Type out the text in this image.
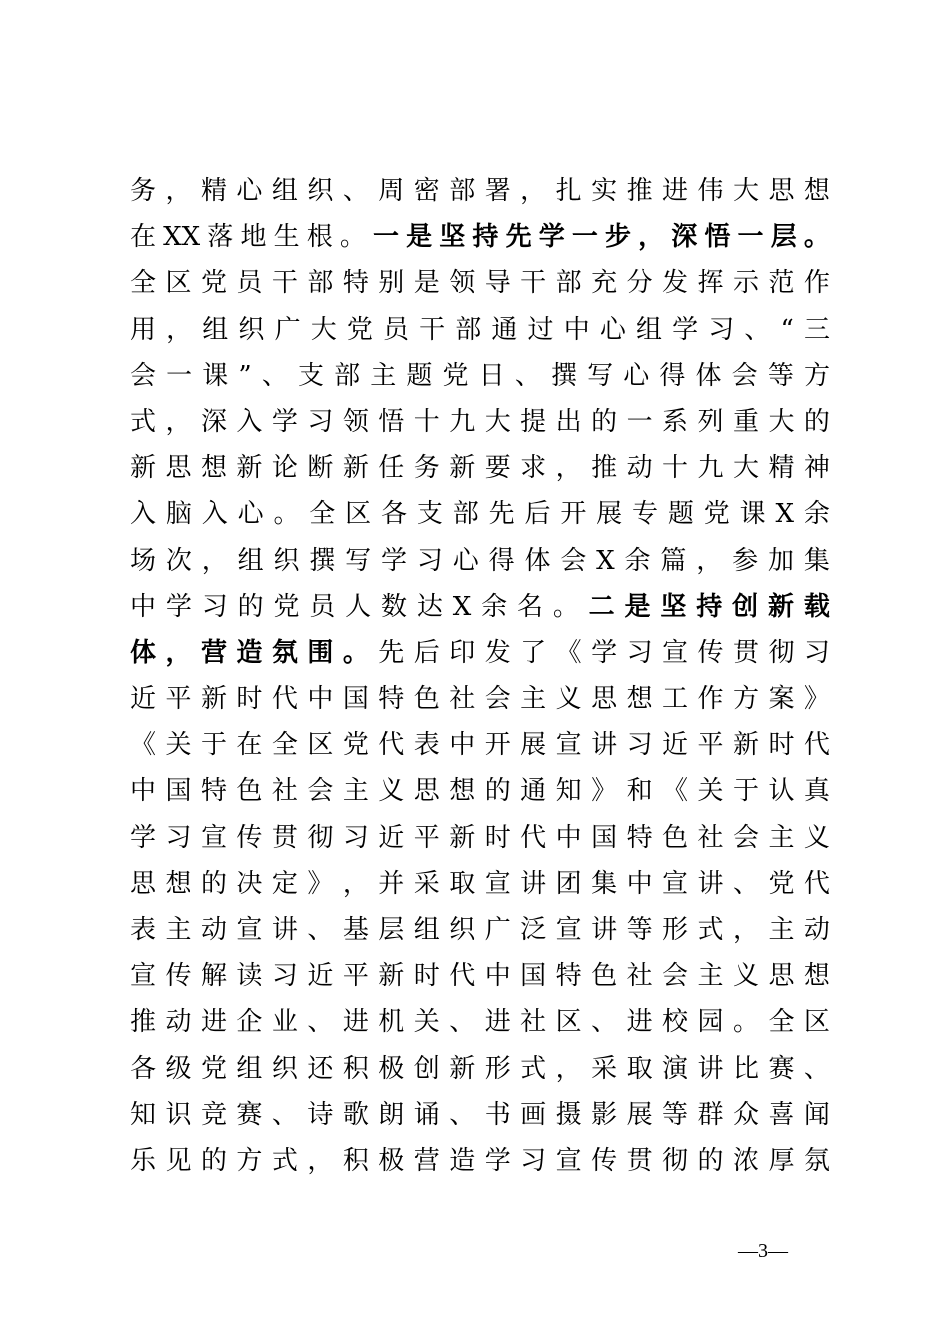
务 ， 精 心 组 织 、 周 密 部 署 ， 扎 实 推 进 伟 大 思 想
在 XX 落 地 生 根 。 一 是 坚 持 先 学 一 步 ， 深 悟 一 层 。
全 区 党 员 干 部 特 别 是 领 导 干 部 充 分 发 挥 示 范 作
用 ， 组 织 广 大 党 员 干 部 通 过 中 心 组 学 习 、 “ 三
会 一 课 ” 、 支 部 主 题 党 日 、 撰 写 心 得 体 会 等 方
式 ， 深 入 学 习 领 悟 十 九 大 提 出 的 一 系 列 重 大 的
新 思 想 新 论 断 新 任 务 新 要 求 ， 推 动 十 九 大 精 神
入 脑 入 心 。 全 区 各 支 部 先 后 开 展 专 题 党 课 X 余
场 次 ， 组 织 撰 写 学 习 心 得 体 会 X 余 篇 ， 参 加 集
中 学 习 的 党 员 人 数 达 X 余 名 。 二 是 坚 持 创 新 载
体 ， 营 造 氛 围 。 先 后 印 发 了 《 学 习 宣 传 贯 彻 习
近 平 新 时 代 中 国 特 色 社 会 主 义 思 想 工 作 方 案 》
《 关 于 在 全 区 党 代 表 中 开 展 宣 讲 习 近 平 新 时 代
中 国 特 色 社 会 主 义 思 想 的 通 知 》 和 《 关 于 认 真
学 习 宣 传 贯 彻 习 近 平 新 时 代 中 国 特 色 社 会 主 义
思 想 的 决 定 》 ， 并 采 取 宣 讲 团 集 中 宣 讲 、 党 代
表 主 动 宣 讲 、 基 层 组 织 广 泛 宣 讲 等 形 式 ， 主 动
宣 传 解 读 习 近 平 新 时 代 中 国 特 色 社 会 主 义 思 想
推 动 进 企 业 、 进 机 关 、 进 社 区 、 进 校 园 。 全 区
各 级 党 组 织 还 积 极 创 新 形 式 ， 采 取 演 讲 比 赛 、
知 识 竞 赛 、 诗 歌 朗 诵 、 书 画 摄 影 展 等 群 众 喜 闻
乐 见 的 方 式 ， 积 极 营 造 学 习 宣 传 贯 彻 的 浓 厚 氛
—3—
